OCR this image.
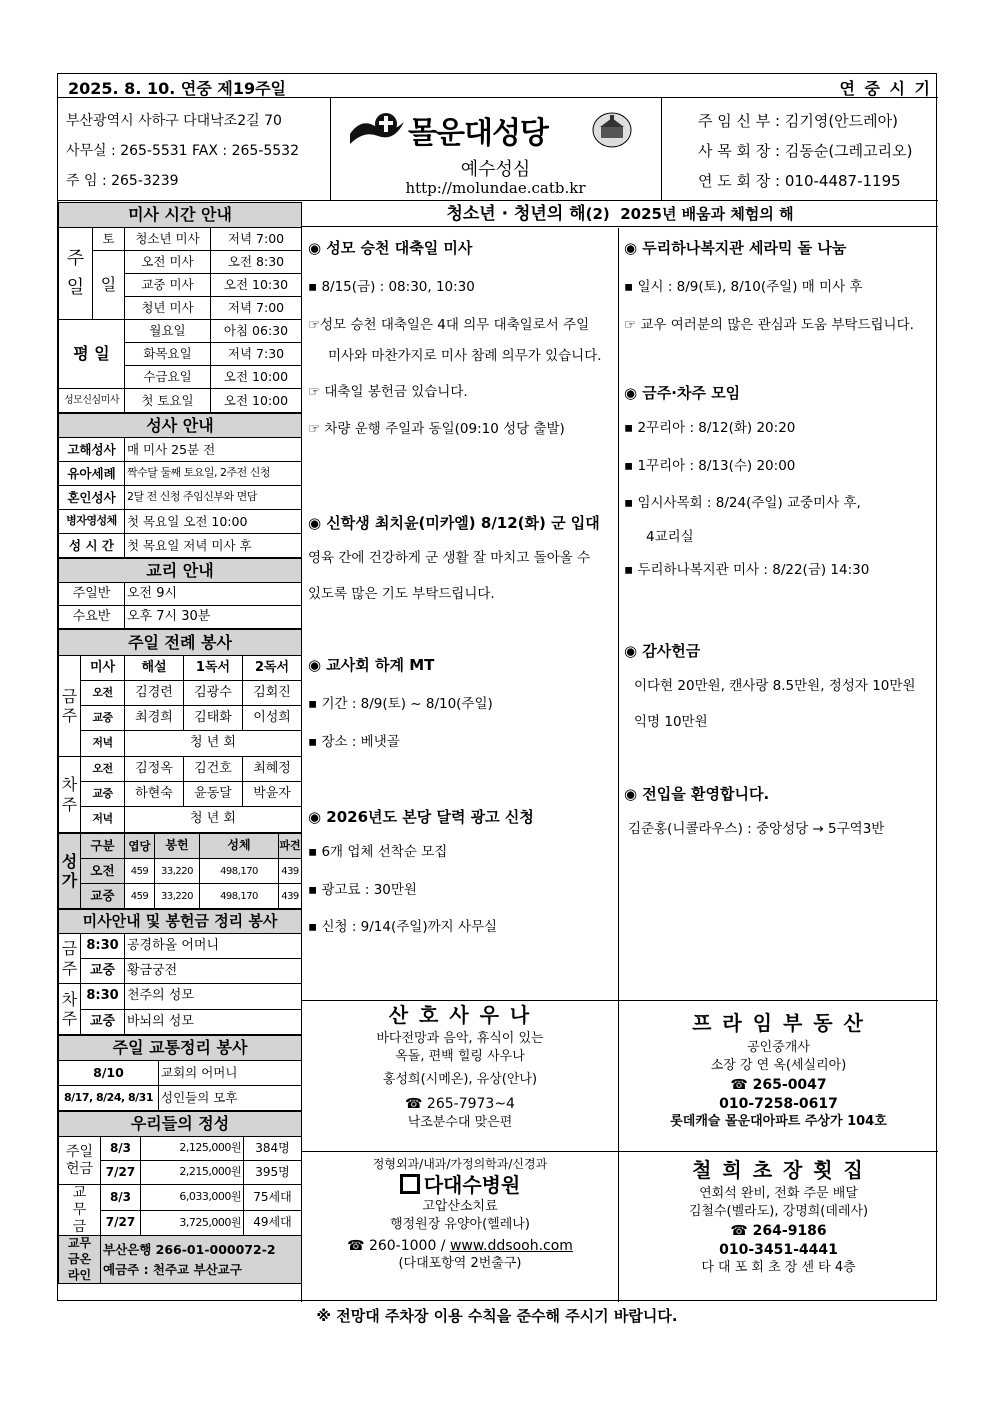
2025. 8. 10. 연중 제19주일	연 중 시 기
부산광역시 사하구 다대낙조2길 70
사무실 : 265-5531 FAX : 265-5532
주 임 : 265-3239
몰운대성당
예수성심
http://molundae.catb.kr
주 임 신 부 : 김기영(안드레아)
사 목 회 장 : 김동순(그레고리오)
연 도 회 장 : 010-4487-1195
미사 시간 안내			
주
일	토	청소년 미사	저녁 7:00
	일	오전 미사	오전 8:30
		교중 미사	오전 10:30
		청년 미사	저녁 7:00
평 일		월요일	아침 06:30
		화목요일	저녁 7:30
		수금요일	오전 10:00
성모신심미사		첫 토요일	오전 10:00
성사 안내	
고해성사	매 미사 25분 전
유아세례	짝수달 둘째 토요일, 2주전 신청
혼인성사	2달 전 신청 주임신부와 면담
병자영성체	첫 목요일 오전 10:00
성 시 간	첫 목요일 저녁 미사 후
교리 안내	
주일반	오전 9시
수요반	오후 7시 30분
주일 전례 봉사				
금주	미사	해설	1독서	2독서
	오전	김경련	김광수	김회진
	교중	최경희	김태화	이성희
	저녁	청 년 회		
차주	오전	김정옥	김건호	최혜정
	교중	하현숙	윤동달	박윤자
	저녁	청 년 회		
성가	구분	엽당	봉헌	성체	파견
	오전	459	33,220	498,170	439
	교중	459	33,220	498,170	439
미사안내 및 봉헌금 정리 봉사		
금주	8:30	공경하올 어머니
	교중	황금궁전
차주	8:30	천주의 성모
	교중	바뇌의 성모
주일 교통정리 봉사	
8/10	교회의 어머니
8/17, 8/24, 8/31	성인들의 모후
우리들의 정성			
주일헌금	8/3	2,125,000원	384명
	7/27	2,215,000원	395명
교무금	8/3	6,033,000원	75세대
	7/27	3,725,000원	49세대
교무금온라인	부산은행 266-01-000072-2
예금주 : 천주교 부산교구		
청소년 · 청년의 해(2) 2025년 배움과 체험의 해
◉ 성모 승천 대축일 미사

▪ 8/15(금) : 08:30, 10:30

☞성모 승천 대축일은 4대 의무 대축일로서 주일

미사와 마찬가지로 미사 참례 의무가 있습니다.

☞ 대축일 봉헌금 있습니다.

☞ 차량 운행 주일과 동일(09:10 성당 출발)

◉ 신학생 최치윤(미카엘) 8/12(화) 군 입대

영육 간에 건강하게 군 생활 잘 마치고 돌아올 수

있도록 많은 기도 부탁드립니다.

◉ 교사회 하계 MT

▪ 기간 : 8/9(토) ~ 8/10(주일)

▪ 장소 : 베냇골

◉ 2026년도 본당 달력 광고 신청

▪ 6개 업체 선착순 모집

▪ 광고료 : 30만원

▪ 신청 : 9/14(주일)까지 사무실

◉ 두리하나복지관 세라믹 돌 나눔

▪ 일시 : 8/9(토), 8/10(주일) 매 미사 후

☞ 교우 여러분의 많은 관심과 도움 부탁드립니다.

◉ 금주·차주 모임

▪ 2꾸리아 : 8/12(화) 20:20

▪ 1꾸리아 : 8/13(수) 20:00

▪ 임시사목회 : 8/24(주일) 교중미사 후,

4교리실

▪ 두리하나복지관 미사 : 8/22(금) 14:30

◉ 감사헌금

이다현 20만원, 캔사랑 8.5만원, 정성자 10만원

익명 10만원

◉ 전입을 환영합니다.

김준홍(니콜라우스) : 중앙성당 → 5구역3반

산 호 사 우 나
바다전망과 음악, 휴식이 있는
옥돌, 편백 힐링 사우나
홍성희(시메온), 유상(안나)
☎ 265-7973~4
낙조분수대 맞은편
프 라 임 부 동 산
공인중개사
소장 강 연 옥(세실리아)
☎ 265-0047
010-7258-0617
롯데캐슬 몰운대아파트 주상가 104호
정형외과/내과/가정의학과/신경과
다대수병원
고압산소치료
행정원장 유양아(헬레나)
☎ 260-1000 / www.ddsooh.com
(다대포항역 2번출구)
철 희 초 장 횟 집
연회석 완비, 전화 주문 배달
김철수(벨라도), 강명희(데레사)
☎ 264-9186
010-3451-4441
다 대 포 회 초 장 센 타 4층
※ 전망대 주차장 이용 수칙을 준수해 주시기 바랍니다.
